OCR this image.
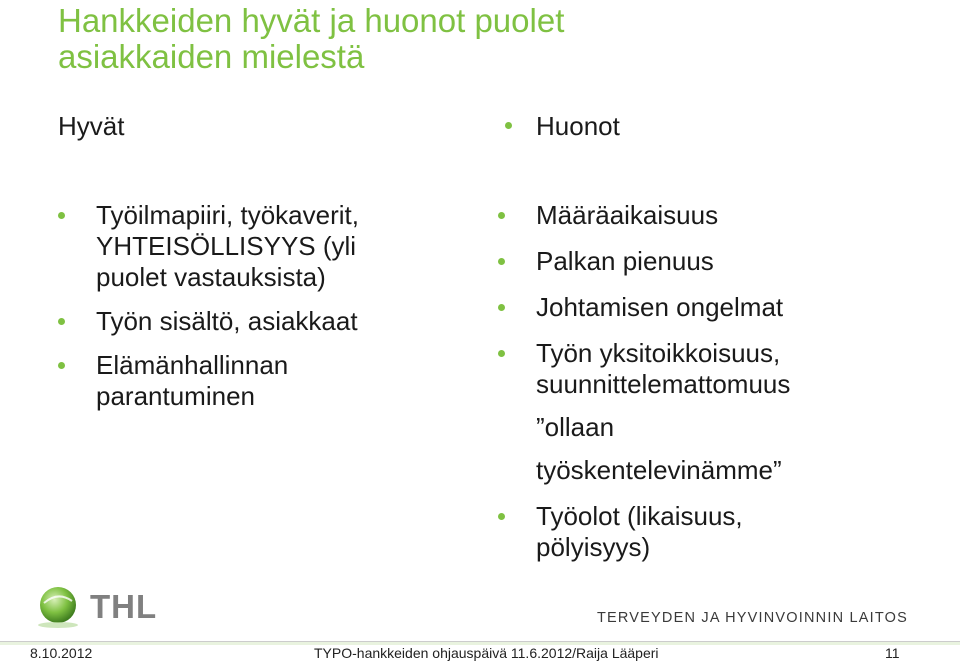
Hankkeiden hyvät ja huonot puolet
asiakkaiden mielestä
Hyvät	Huonot
Työilmapiiri, työkaverit,
YHTEISÖLLISYYS (yli
puolet vastauksista)
Työn sisältö, asiakkaat
Elämänhallinnan
parantuminen
Määräaikaisuus
Palkan pienuus
Johtamisen ongelmat
Työn yksitoikkoisuus,
suunnittelemattomuus
”ollaan
työskentelevinämme”
Työolot (likaisuus,
pölyisyys)
THL	TERVEYDEN JA HYVINVOINNIN LAITOS
8.10.2012	TYPO-hankkeiden ohjauspäivä 11.6.2012/Raija Lääperi	11
